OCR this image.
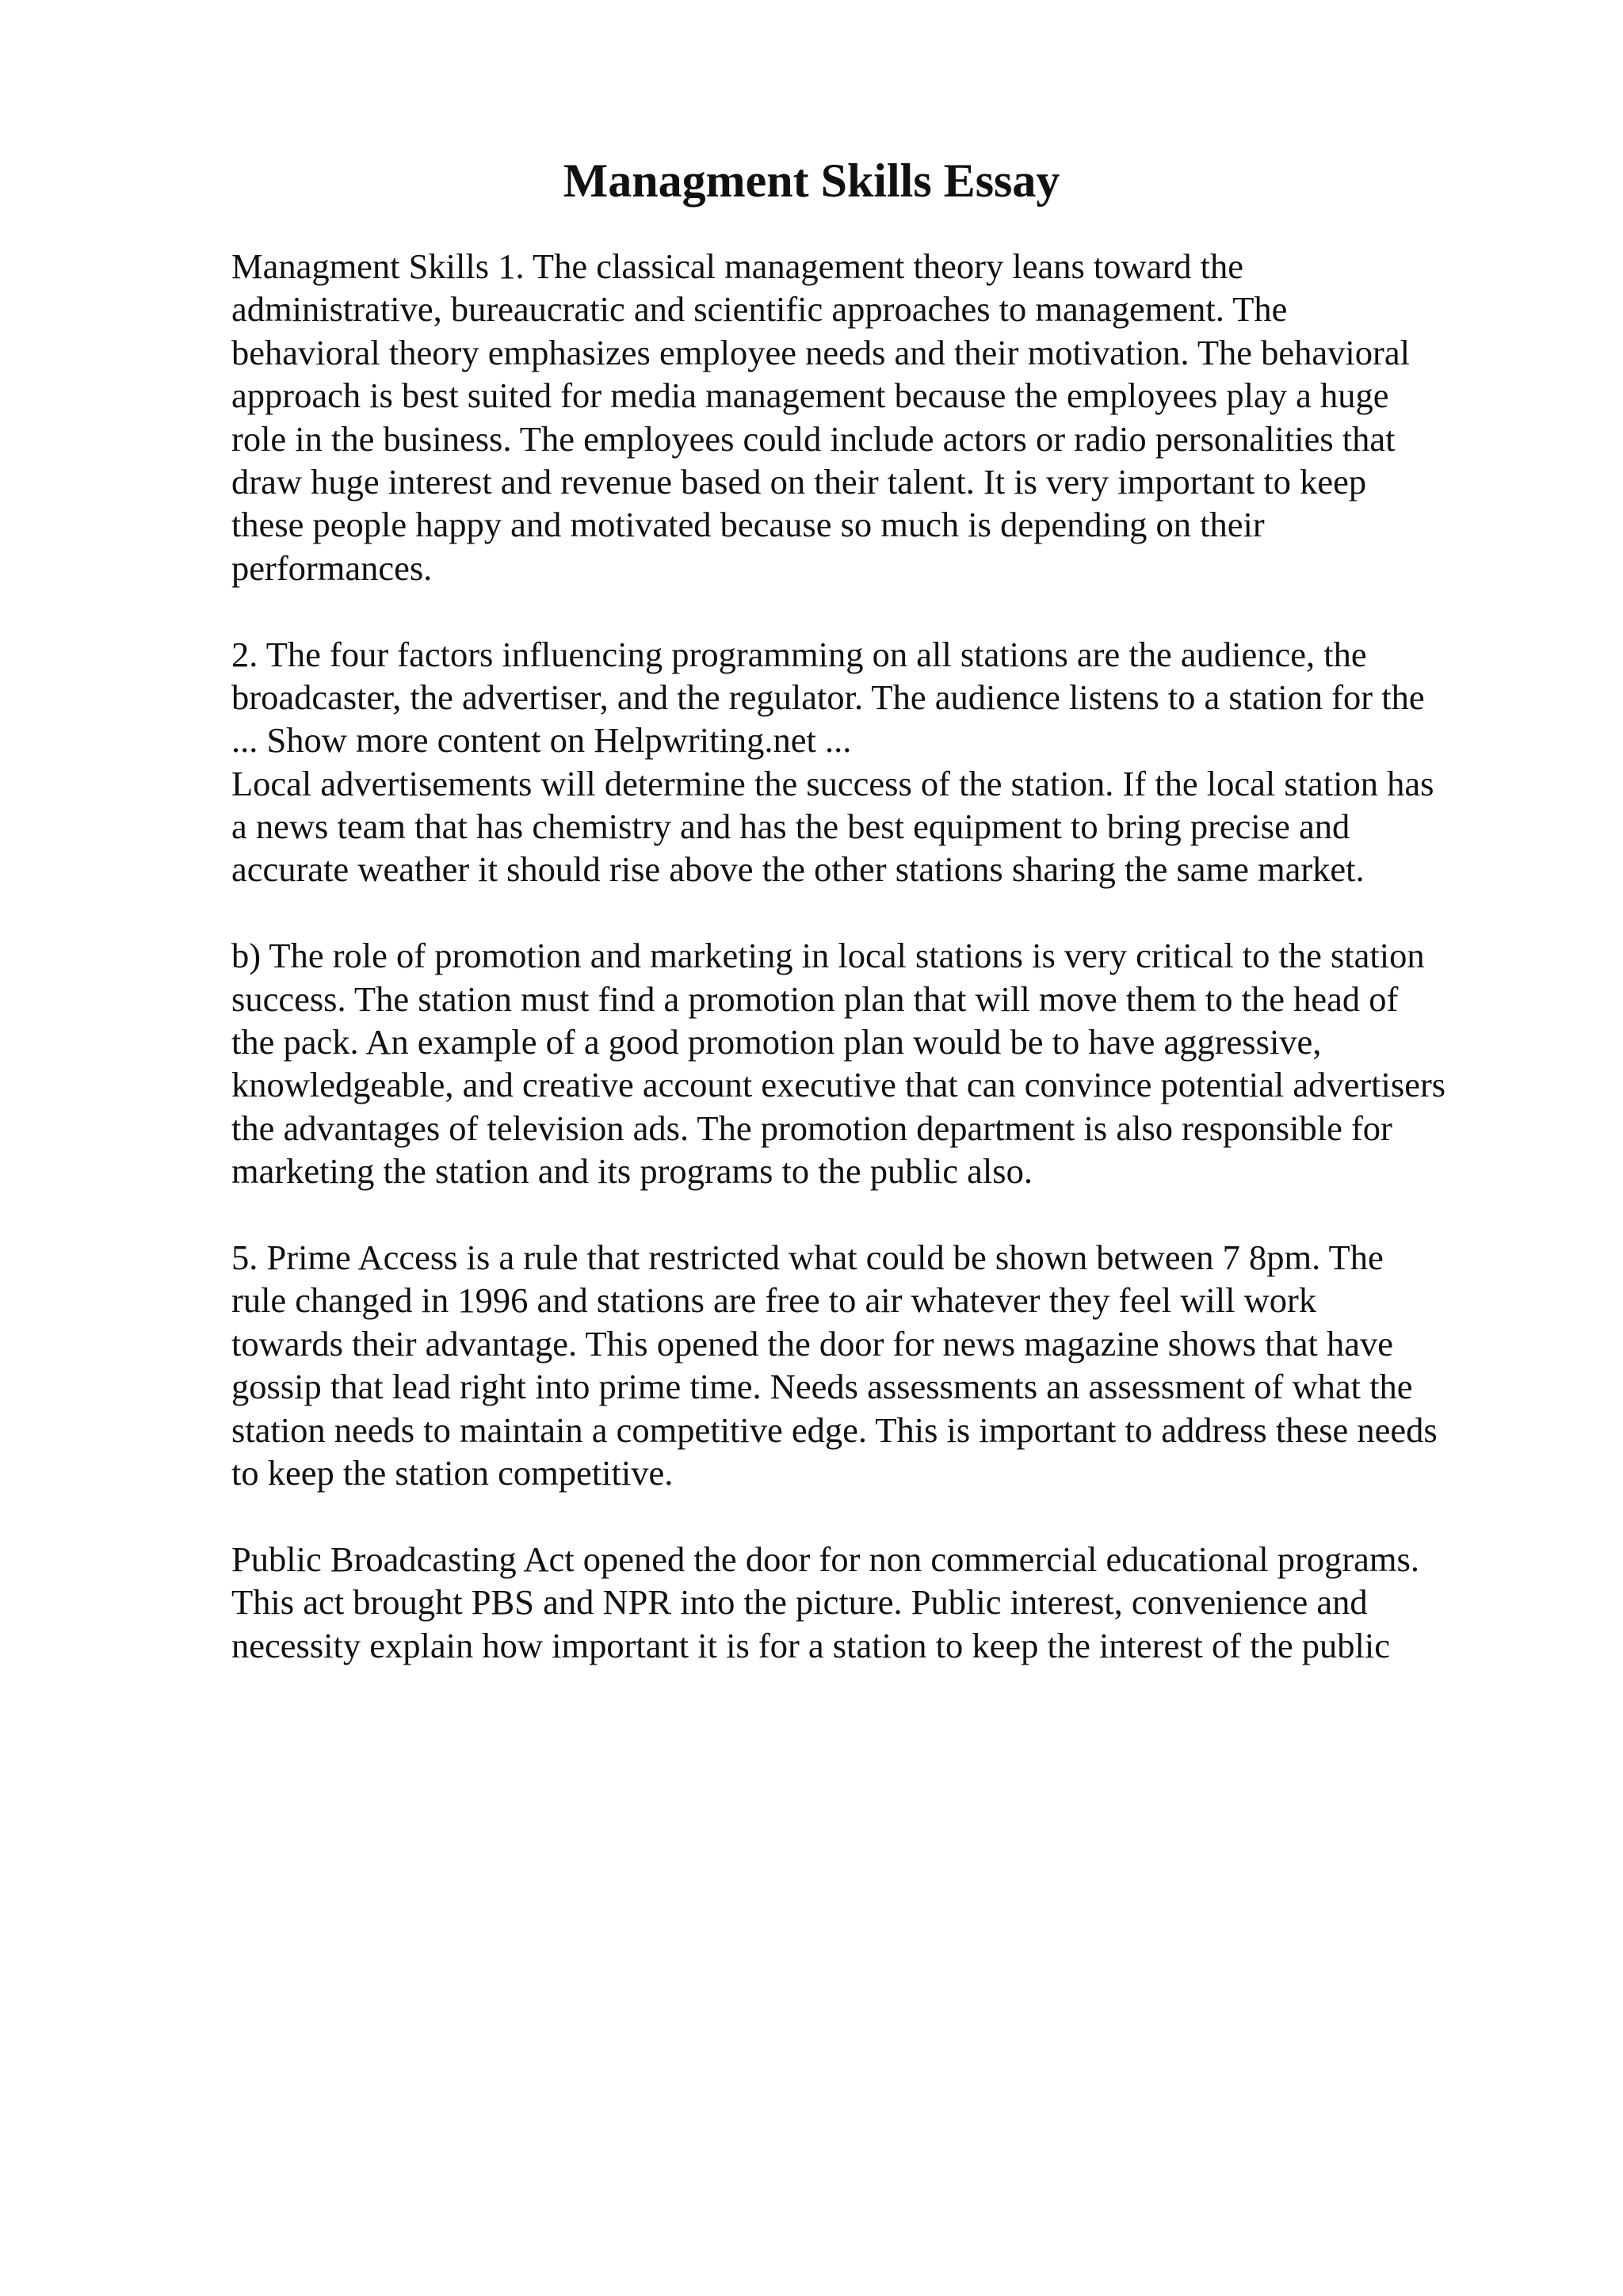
Managment Skills Essay
Managment Skills 1. The classical management theory leans toward the
administrative, bureaucratic and scientific approaches to management. The
behavioral theory emphasizes employee needs and their motivation. The behavioral
approach is best suited for media management because the employees play a huge
role in the business. The employees could include actors or radio personalities that
draw huge interest and revenue based on their talent. It is very important to keep
these people happy and motivated because so much is depending on their
performances.
2. The four factors influencing programming on all stations are the audience, the
broadcaster, the advertiser, and the regulator. The audience listens to a station for the
... Show more content on Helpwriting.net ...
Local advertisements will determine the success of the station. If the local station has
a news team that has chemistry and has the best equipment to bring precise and
accurate weather it should rise above the other stations sharing the same market.
b) The role of promotion and marketing in local stations is very critical to the station
success. The station must find a promotion plan that will move them to the head of
the pack. An example of a good promotion plan would be to have aggressive,
knowledgeable, and creative account executive that can convince potential advertisers
the advantages of television ads. The promotion department is also responsible for
marketing the station and its programs to the public also.
5. Prime Access is a rule that restricted what could be shown between 7 8pm. The
rule changed in 1996 and stations are free to air whatever they feel will work
towards their advantage. This opened the door for news magazine shows that have
gossip that lead right into prime time. Needs assessments an assessment of what the
station needs to maintain a competitive edge. This is important to address these needs
to keep the station competitive.
Public Broadcasting Act opened the door for non commercial educational programs.
This act brought PBS and NPR into the picture. Public interest, convenience and
necessity explain how important it is for a station to keep the interest of the public
